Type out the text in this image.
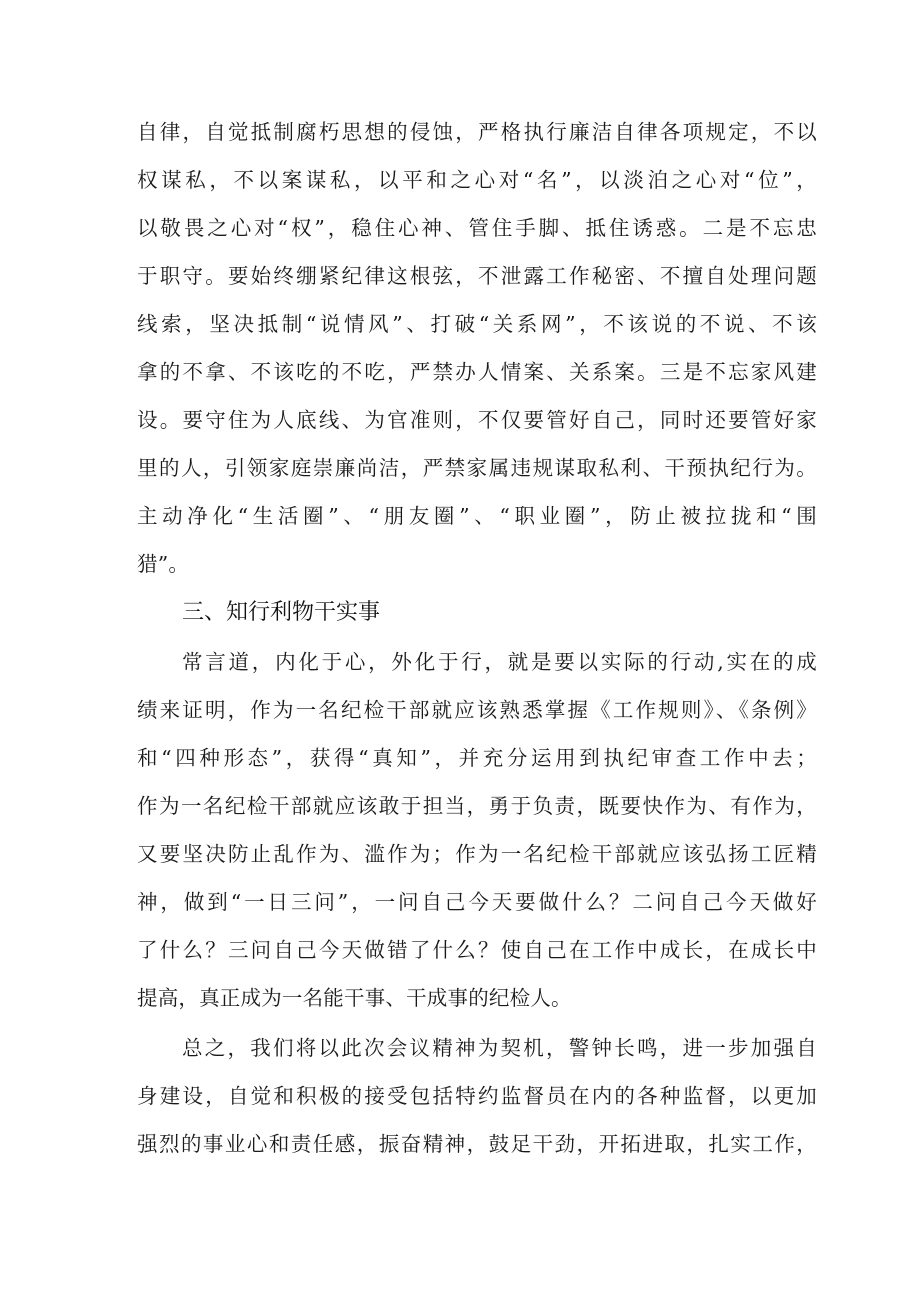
自律，自觉抵制腐朽思想的侵蚀，严格执行廉洁自律各项规定，不以
权谋私，不以案谋私，以平和之心对“名”，以淡泊之心对“位”，
以敬畏之心对“权”，稳住心神、管住手脚、抵住诱惑。二是不忘忠
于职守。要始终绷紧纪律这根弦，不泄露工作秘密、不擅自处理问题
线索，坚决抵制“说情风”、打破“关系网”，不该说的不说、不该
拿的不拿、不该吃的不吃，严禁办人情案、关系案。三是不忘家风建
设。要守住为人底线、为官准则，不仅要管好自己，同时还要管好家
里的人，引领家庭崇廉尚洁，严禁家属违规谋取私利、干预执纪行为。
主动净化“生活圈”、“朋友圈”、“职业圈”，防止被拉拢和“围
猎”。
三、知行利物干实事
常言道，内化于心，外化于行，就是要以实际的行动,实在的成
绩来证明，作为一名纪检干部就应该熟悉掌握《工作规则》、《条例》
和“四种形态”，获得“真知”，并充分运用到执纪审查工作中去；
作为一名纪检干部就应该敢于担当，勇于负责，既要快作为、有作为，
又要坚决防止乱作为、滥作为；作为一名纪检干部就应该弘扬工匠精
神，做到“一日三问”，一问自己今天要做什么？二问自己今天做好
了什么？三问自己今天做错了什么？使自己在工作中成长，在成长中
提高，真正成为一名能干事、干成事的纪检人。
总之，我们将以此次会议精神为契机，警钟长鸣，进一步加强自
身建设，自觉和积极的接受包括特约监督员在内的各种监督，以更加
强烈的事业心和责任感，振奋精神，鼓足干劲，开拓进取，扎实工作，
